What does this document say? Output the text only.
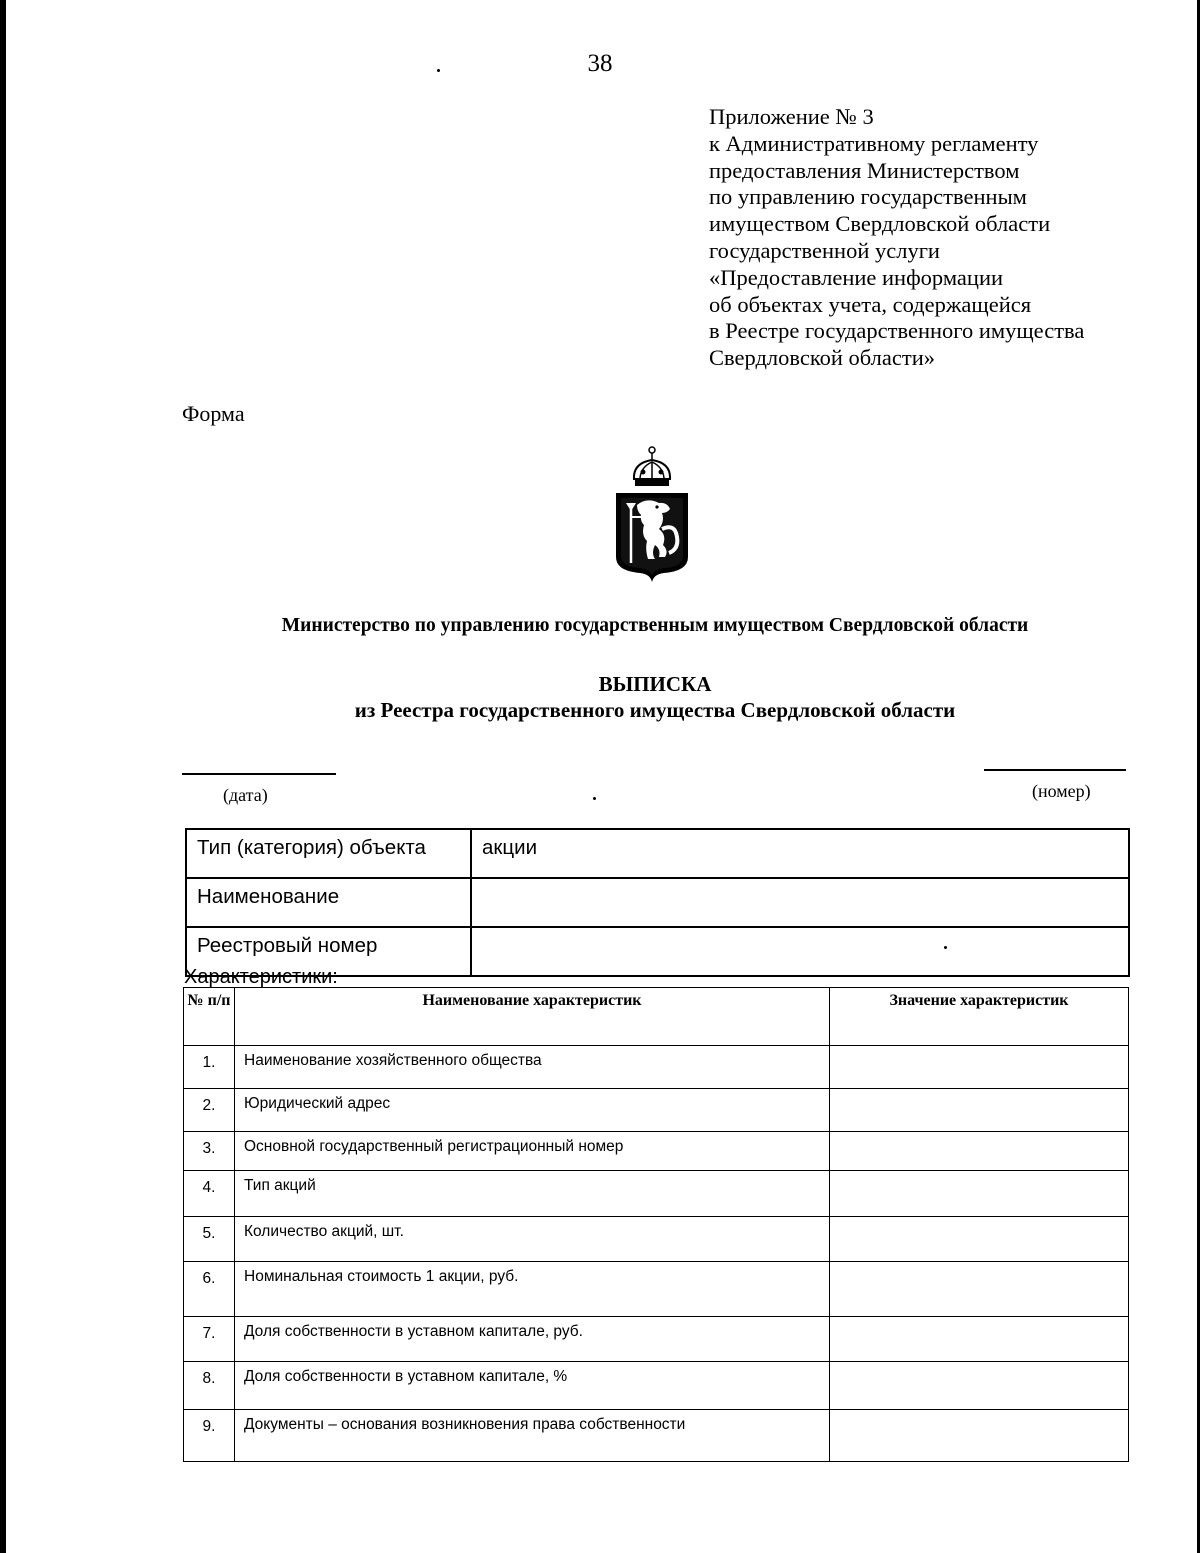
38
Приложение № 3
к Административному регламенту
предоставления Министерством
по управлению государственным
имуществом Свердловской области
государственной услуги
«Предоставление информации
об объектах учета, содержащейся
в Реестре государственного имущества
Свердловской области»
Форма
Министерство по управлению государственным имуществом Свердловской области
ВЫПИСКА
из Реестра государственного имущества Свердловской области
(дата)	(номер)
Тип (категория) объекта	акции
Наименование	
Реестровый номер	
Характеристики:
№ п/п	Наименование характеристик	Значение характеристик
1.	Наименование хозяйственного общества	
2.	Юридический адрес	
3.	Основной государственный регистрационный номер	
4.	Тип акций	
5.	Количество акций, шт.	
6.	Номинальная стоимость 1 акции, руб.	
7.	Доля собственности в уставном капитале, руб.	
8.	Доля собственности в уставном капитале, %	
9.	Документы – основания возникновения права собственности	
